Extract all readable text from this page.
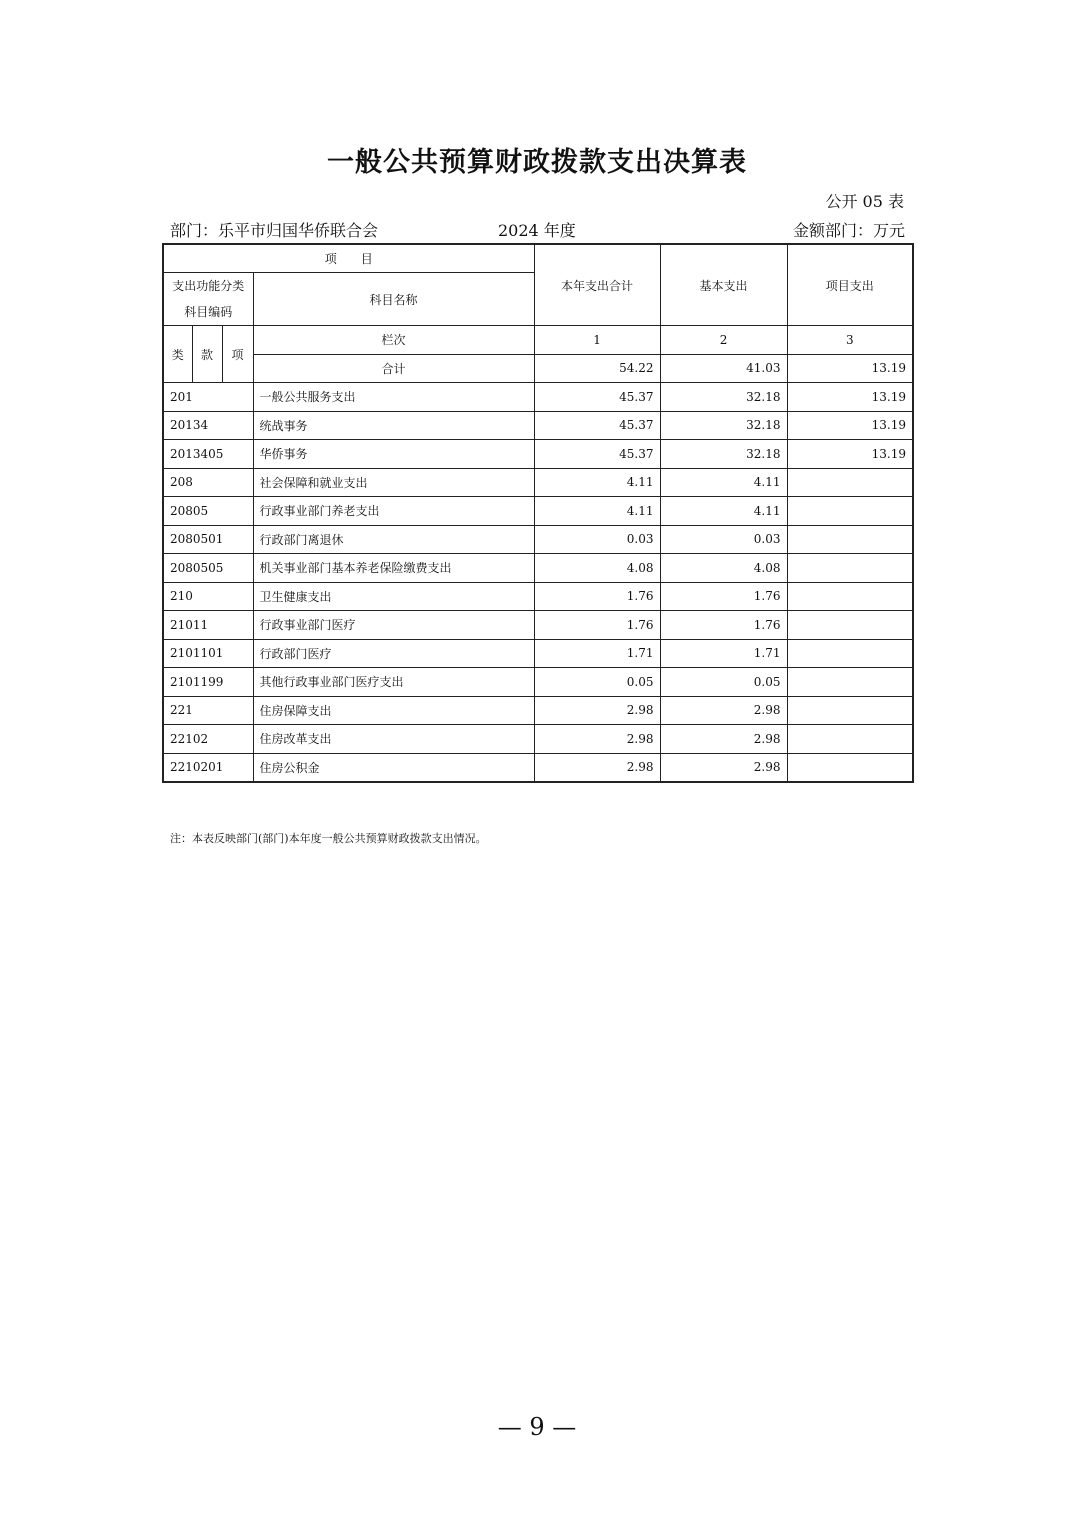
一般公共预算财政拨款支出决算表
公开 05 表
部门：乐平市归国华侨联合会	2024 年度	金额部门：万元
项　　目				本年支出合计	基本支出	项目支出

支出功能分类
科目编码			科目名称			
类	款	项	栏次	1	2	3
			合计	54.22	41.03	13.19
201			一般公共服务支出	45.37	32.18	13.19
20134			统战事务	45.37	32.18	13.19
2013405			华侨事务	45.37	32.18	13.19
208			社会保障和就业支出	4.11	4.11	
20805			行政事业部门养老支出	4.11	4.11	
2080501			行政部门离退休	0.03	0.03	
2080505			机关事业部门基本养老保险缴费支出	4.08	4.08	
210			卫生健康支出	1.76	1.76	
21011			行政事业部门医疗	1.76	1.76	
2101101			行政部门医疗	1.71	1.71	
2101199			其他行政事业部门医疗支出	0.05	0.05	
221			住房保障支出	2.98	2.98	
22102			住房改革支出	2.98	2.98	
2210201			住房公积金	2.98	2.98	
注：本表反映部门(部门)本年度一般公共预算财政拨款支出情况。
— 9 —
